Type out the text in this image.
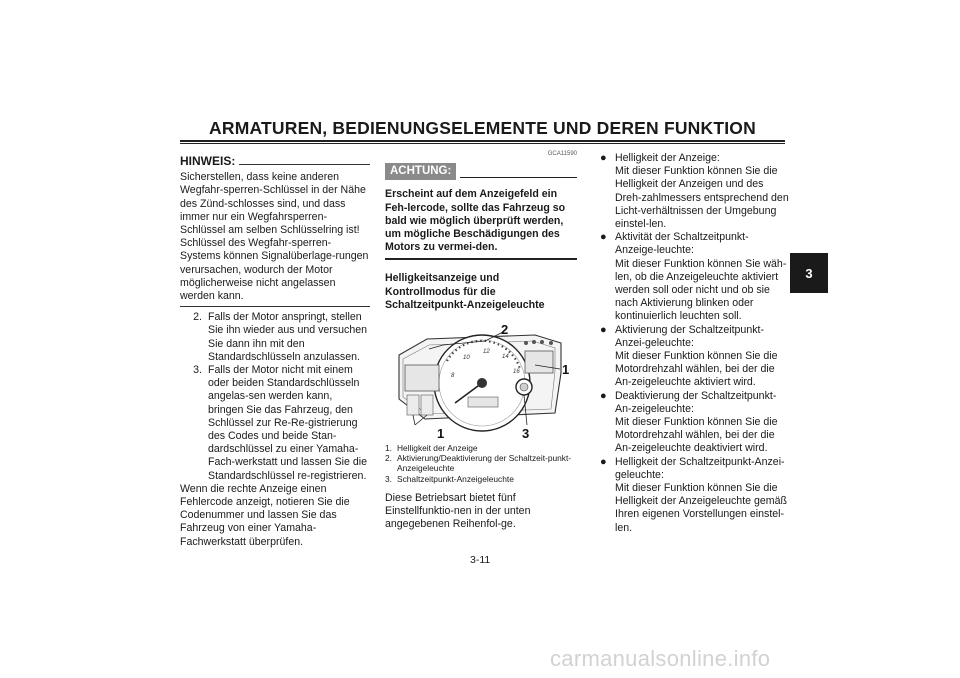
ARMATUREN, BEDIENUNGSELEMENTE UND DEREN FUNKTION
3
HINWEIS:

Sicherstellen, dass keine anderen Wegfahr-sperren-Schlüssel in der Nähe des Zünd-schlosses sind, und dass immer nur ein Wegfahrsperren-Schlüssel am selben Schlüsselring ist! Schlüssel des Wegfahr-sperren-Systems können Signalüberlage-rungen verursachen, wodurch der Motor möglicherweise nicht angelassen werden kann.

2. Falls der Motor anspringt, stellen Sie ihn wieder aus und versuchen Sie dann ihn mit den Standardschlüsseln anzulassen.
3. Falls der Motor nicht mit einem oder beiden Standardschlüsseln angelas-sen werden kann, bringen Sie das Fahrzeug, den Schlüssel zur Re-Re-gistrierung des Codes und beide Stan-dardschlüssel zu einer Yamaha-Fach-werkstatt und lassen Sie die Standardschlüssel re-registrieren.

Wenn die rechte Anzeige einen Fehlercode anzeigt, notieren Sie die Codenummer und lassen Sie das Fahrzeug von einer Yamaha-Fachwerkstatt überprüfen.

GCA11590

ACHTUNG:

Erscheint auf dem Anzeigefeld ein Feh-lercode, sollte das Fahrzeug so bald wie möglich überprüft werden, um mögliche Beschädigungen des Motors zu vermei-den.

Helligkeitsanzeige und Kontrollmodus für die Schaltzeitpunkt-Anzeigeleuchte

8
10
12
14
16
2
1
1	3
1. Helligkeit der Anzeige
2. Aktivierung/Deaktivierung der Schaltzeit-punkt-Anzeigeleuchte
3. Schaltzeitpunkt-Anzeigeleuchte

Diese Betriebsart bietet fünf Einstellfunktio-nen in der unten angegebenen Reihenfol-ge.

● Helligkeit der Anzeige:
Mit dieser Funktion können Sie die Helligkeit der Anzeigen und des Dreh-zahlmessers entsprechend den Licht-verhältnissen der Umgebung einstel-len.
● Aktivität der Schaltzeitpunkt-Anzeige-leuchte:
Mit dieser Funktion können Sie wäh-len, ob die Anzeigeleuchte aktiviert werden soll oder nicht und ob sie nach Aktivierung blinken oder kontinuierlich leuchten soll.
● Aktivierung der Schaltzeitpunkt-Anzei-geleuchte:
Mit dieser Funktion können Sie die Motordrehzahl wählen, bei der die An-zeigeleuchte aktiviert wird.
● Deaktivierung der Schaltzeitpunkt-An-zeigeleuchte:
Mit dieser Funktion können Sie die Motordrehzahl wählen, bei der die An-zeigeleuchte deaktiviert wird.
● Helligkeit der Schaltzeitpunkt-Anzei-geleuchte:
Mit dieser Funktion können Sie die Helligkeit der Anzeigeleuchte gemäß Ihren eigenen Vorstellungen einstel-len.
3-11
carmanualsonline.info
